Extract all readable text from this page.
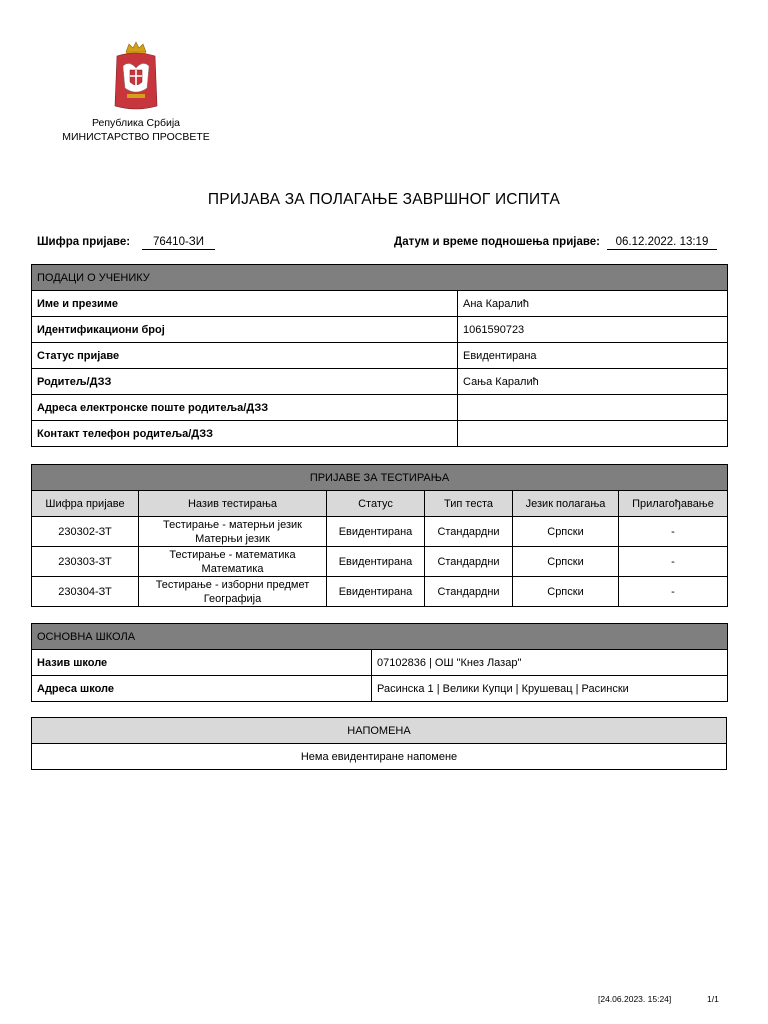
Република Србија
МИНИСТАРСТВО ПРОСВЕТЕ
ПРИЈАВА ЗА ПОЛАГАЊЕ ЗАВРШНОГ ИСПИТА
Шифра пријаве:	76410-ЗИ	Датум и време подношења пријаве:	06.12.2022. 13:19
ПОДАЦИ О УЧЕНИКУ	
Име и презиме	Ана Каралић
Идентификациони број	1061590723
Статус пријаве	Евидентирана
Родитељ/ДЗЗ	Сања Каралић
Адреса електронске поште родитеља/ДЗЗ	
Контакт телефон родитеља/ДЗЗ	
ПРИЈАВЕ ЗА ТЕСТИРАЊА					
Шифра пријаве	Назив тестирања	Статус	Тип теста	Језик полагања	Прилагођавање
230302-ЗТ	Тестирање - матерњи језик
Матерњи језик	Евидентирана	Стандардни	Српски	-
230303-ЗТ	Тестирање - математика
Математика	Евидентирана	Стандардни	Српски	-
230304-ЗТ	Тестирање - изборни предмет
Географија	Евидентирана	Стандардни	Српски	-
ОСНОВНА ШКОЛА	
Назив школе	07102836 | ОШ "Кнез Лазар"
Адреса школе	Расинска 1 | Велики Купци | Крушевац | Расински
НАПОМЕНА
Нема евидентиране напомене
[24.06.2023. 15:24]	1/1
